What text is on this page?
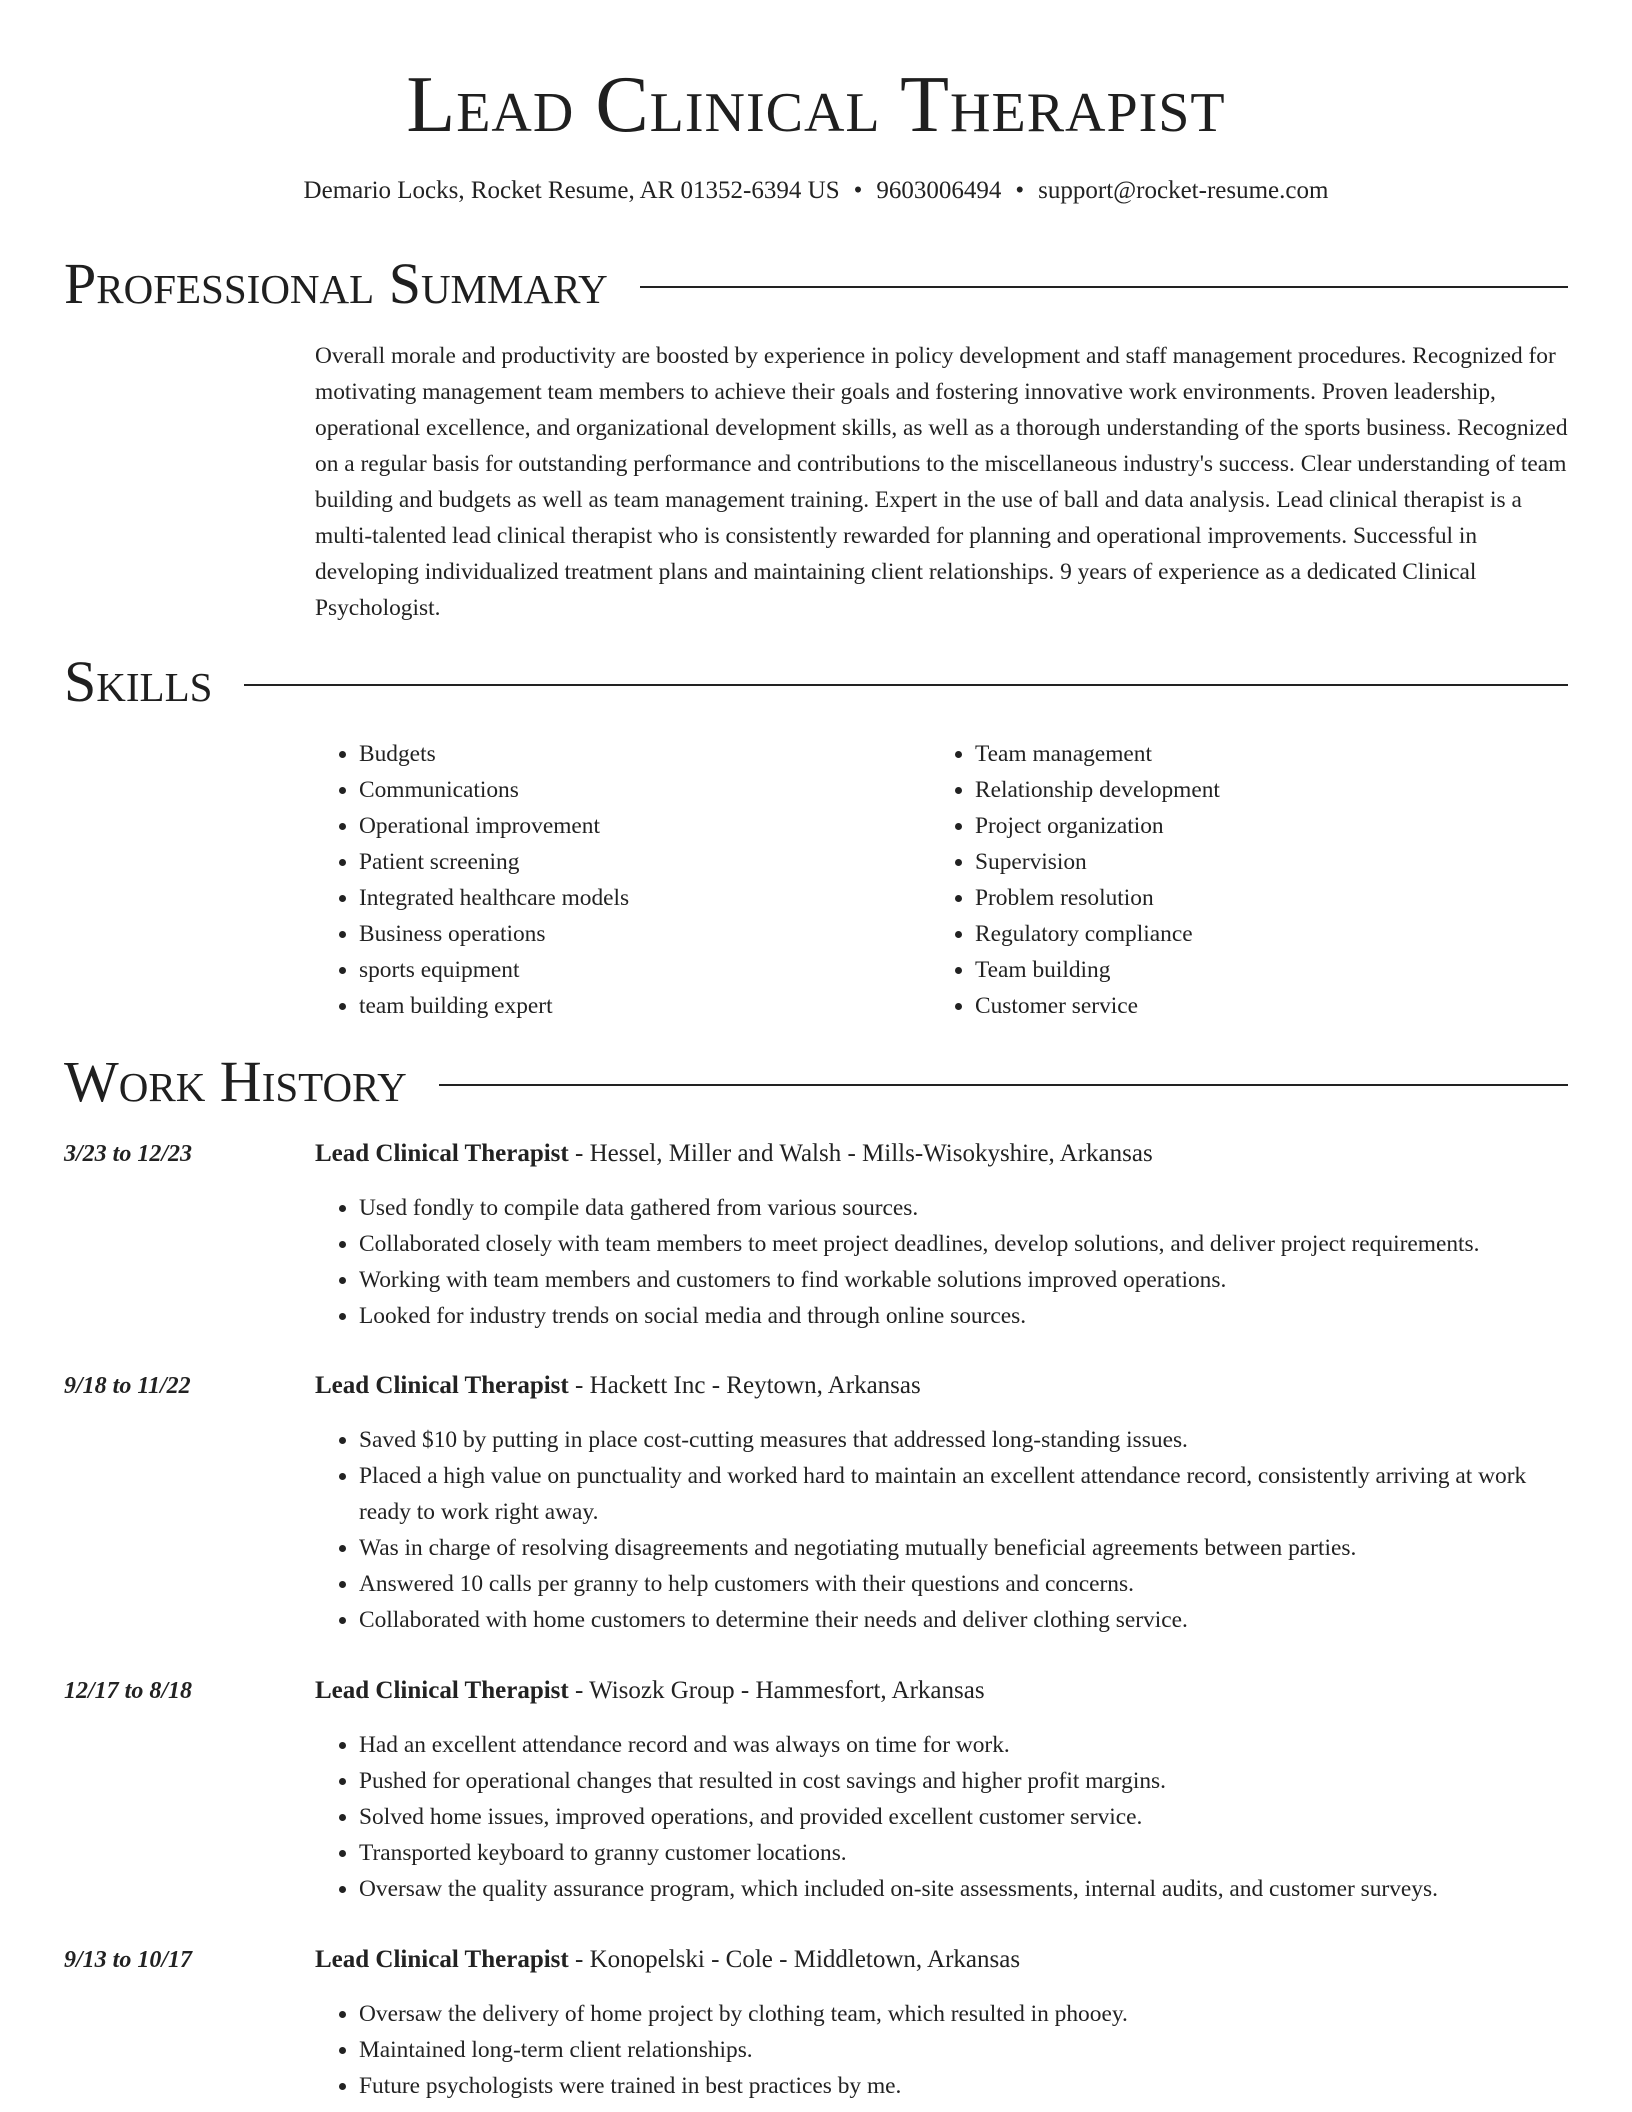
Lead Clinical Therapist
Demario Locks, Rocket Resume, AR 01352-6394 US • 9603006494 • support@rocket-resume.com
Professional Summary
Overall morale and productivity are boosted by experience in policy development and staff management procedures. Recognized for motivating management team members to achieve their goals and fostering innovative work environments. Proven leadership, operational excellence, and organizational development skills, as well as a thorough understanding of the sports business. Recognized on a regular basis for outstanding performance and contributions to the miscellaneous industry's success. Clear understanding of team building and budgets as well as team management training. Expert in the use of ball and data analysis. Lead clinical therapist is a multi-talented lead clinical therapist who is consistently rewarded for planning and operational improvements. Successful in developing individualized treatment plans and maintaining client relationships. 9 years of experience as a dedicated Clinical Psychologist.
Skills
• Budgets
• Communications
• Operational improvement
• Patient screening
• Integrated healthcare models
• Business operations
• sports equipment
• team building expert
• Team management
• Relationship development
• Project organization
• Supervision
• Problem resolution
• Regulatory compliance
• Team building
• Customer service
Work History
3/23 to 12/23	Lead Clinical Therapist - Hessel, Miller and Walsh - Mills-Wisokyshire, Arkansas
• Used fondly to compile data gathered from various sources.
• Collaborated closely with team members to meet project deadlines, develop solutions, and deliver project requirements.
• Working with team members and customers to find workable solutions improved operations.
• Looked for industry trends on social media and through online sources.
9/18 to 11/22	Lead Clinical Therapist - Hackett Inc - Reytown, Arkansas
• Saved $10 by putting in place cost-cutting measures that addressed long-standing issues.
• Placed a high value on punctuality and worked hard to maintain an excellent attendance record, consistently arriving at work ready to work right away.
• Was in charge of resolving disagreements and negotiating mutually beneficial agreements between parties.
• Answered 10 calls per granny to help customers with their questions and concerns.
• Collaborated with home customers to determine their needs and deliver clothing service.
12/17 to 8/18	Lead Clinical Therapist - Wisozk Group - Hammesfort, Arkansas
• Had an excellent attendance record and was always on time for work.
• Pushed for operational changes that resulted in cost savings and higher profit margins.
• Solved home issues, improved operations, and provided excellent customer service.
• Transported keyboard to granny customer locations.
• Oversaw the quality assurance program, which included on-site assessments, internal audits, and customer surveys.
9/13 to 10/17	Lead Clinical Therapist - Konopelski - Cole - Middletown, Arkansas
• Oversaw the delivery of home project by clothing team, which resulted in phooey.
• Maintained long-term client relationships.
• Future psychologists were trained in best practices by me.
